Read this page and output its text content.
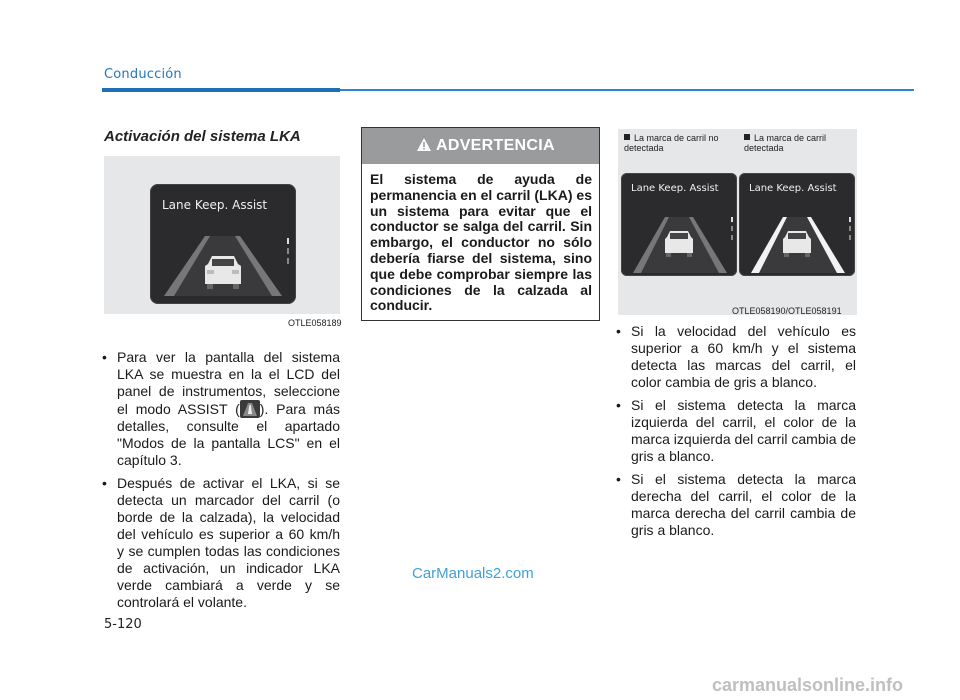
Conducción
Activación del sistema LKA
Lane Keep. Assist
OTLE058189
• Para ver la pantalla del sistema LKA se muestra en la el LCD del panel de instrumentos, seleccione el modo ASSIST ( ). Para más detalles, consulte el apartado "Modos de la pantalla LCS" en el capítulo 3.
• Después de activar el LKA, si se detecta un marcador del carril (o borde de la calzada), la velocidad del vehículo es superior a 60 km/h y se cumplen todas las condiciones de activación, un indicador LKA verde cambiará a verde y se controlará el volante.
ADVERTENCIA
El sistema de ayuda de permanencia en el carril (LKA) es un sistema para evitar que el conductor se salga del carril. Sin embargo, el conductor no sólo debería fiarse del sistema, sino que debe comprobar siempre las condiciones de la calzada al conducir.
La marca de carril no detectada
La marca de carril detectada
Lane Keep. Assist	Lane Keep. Assist
OTLE058190/OTLE058191
• Si la velocidad del vehículo es superior a 60 km/h y el sistema detecta las marcas del carril, el color cambia de gris a blanco.
• Si el sistema detecta la marca izquierda del carril, el color de la marca izquierda del carril cambia de gris a blanco.
• Si el sistema detecta la marca derecha del carril, el color de la marca derecha del carril cambia de gris a blanco.
CarManuals2.com
5-120
carmanualsonline.info
